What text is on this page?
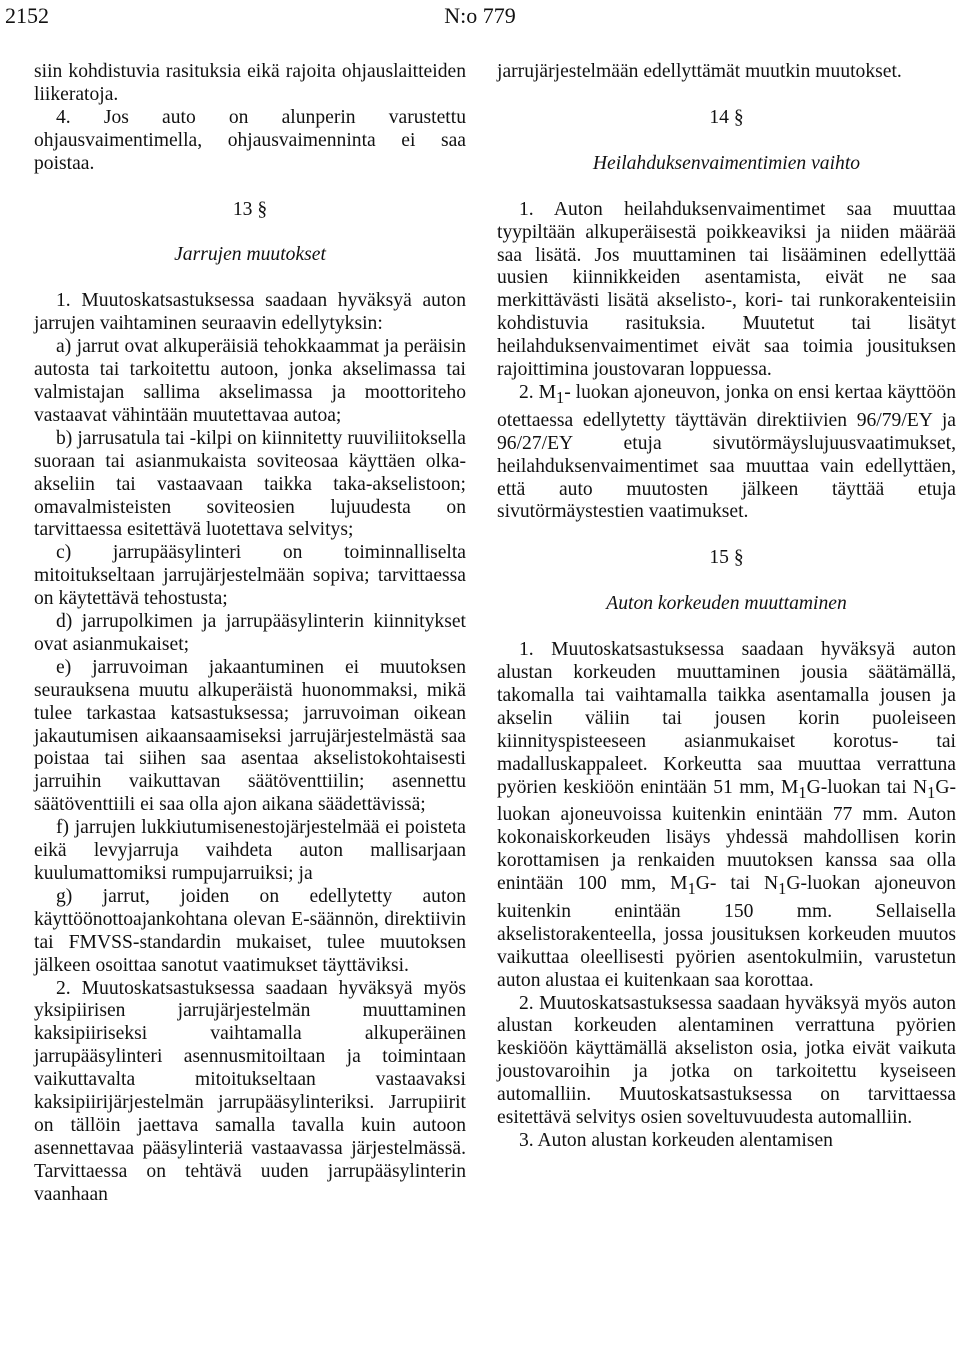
2152	N:o 779

siin kohdistuvia rasituksia eikä rajoita ohjauslaitteiden liikeratoja.

4. Jos auto on alunperin varustettu ohjausvaimentimella, ohjausvaimenninta ei saa poistaa.

13 §

Jarrujen muutokset

1. Muutoskatsastuksessa saadaan hyväksyä auton jarrujen vaihtaminen seuraavin edellytyksin:

a) jarrut ovat alkuperäisiä tehokkaammat ja peräisin autosta tai tarkoitettu autoon, jonka akselimassa tai valmistajan sallima akselimassa ja moottoriteho vastaavat vähintään muutettavaa autoa;

b) jarrusatula tai -kilpi on kiinnitetty ruuviliitoksella suoraan tai asianmukaista soviteosaa käyttäen olka-akseliin tai vastaavaan taikka taka-akselistoon; omavalmisteisten soviteosien lujuudesta on tarvittaessa esitettävä luotettava selvitys;

c) jarrupääsylinteri on toiminnalliselta mitoitukseltaan jarrujärjestelmään sopiva; tarvittaessa on käytettävä tehostusta;

d) jarrupolkimen ja jarrupääsylinterin kiinnitykset ovat asianmukaiset;

e) jarruvoiman jakaantuminen ei muutoksen seurauksena muutu alkuperäistä huonommaksi, mikä tulee tarkastaa katsastuksessa; jarruvoiman oikean jakautumisen aikaansaamiseksi jarrujärjestelmästä saa poistaa tai siihen saa asentaa akselistokohtaisesti jarruihin vaikuttavan säätöventtiilin; asennettu säätöventtiili ei saa olla ajon aikana säädettävissä;

f) jarrujen lukkiutumisenestojärjestelmää ei poisteta eikä levyjarruja vaihdeta auton mallisarjaan kuulumattomiksi rumpujarruiksi; ja

g) jarrut, joiden on edellytetty auton käyttöönottoajankohtana olevan E-säännön, direktiivin tai FMVSS-standardin mukaiset, tulee muutoksen jälkeen osoittaa sanotut vaatimukset täyttäviksi.

2. Muutoskatsastuksessa saadaan hyväksyä myös yksipiirisen jarrujärjestelmän muuttaminen kaksipiiriseksi vaihtamalla alkuperäinen jarrupääsylinteri asennusmitoiltaan ja toimintaan vaikuttavalta mitoitukseltaan vastaavaksi kaksipiirijärjestelmän jarrupääsylinteriksi. Jarrupiirit on tällöin jaettava samalla tavalla kuin autoon asennettavaa pääsylinteriä vastaavassa järjestelmässä. Tarvittaessa on tehtävä uuden jarrupääsylinterin vaanhaan

jarrujärjestelmään edellyttämät muutkin muutokset.

14 §

Heilahduksenvaimentimien vaihto

1. Auton heilahduksenvaimentimet saa muuttaa tyypiltään alkuperäisestä poikkeaviksi ja niiden määrää saa lisätä. Jos muuttaminen tai lisääminen edellyttää uusien kiinnikkeiden asentamista, eivät ne saa merkittävästi lisätä akselisto-, kori- tai runkorakenteisiin kohdistuvia rasituksia. Muutetut tai lisätyt heilahduksenvaimentimet eivät saa toimia jousituksen rajoittimina joustovaran loppuessa.

2. $M_1-$ luokan ajoneuvon, jonka on ensi kertaa käyttöön otettaessa edellytetty täyttävän direktiivien 96/79/EY ja 96/27/EY etuja sivutörmäyslujuusvaatimukset, heilahduksenvaimentimet saa muuttaa vain edellyttäen, että auto muutosten jälkeen täyttää etuja sivutörmäystestien vaatimukset.

15 §

Auton korkeuden muuttaminen

1. Muutoskatsastuksessa saadaan hyväksyä auton alustan korkeuden muuttaminen jousia säätämällä, takomalla tai vaihtamalla taikka asentamalla jousen ja akselin väliin tai jousen korin puoleiseen kiinnityspisteeseen asianmukaiset korotus- tai madalluskappaleet. Korkeutta saa muuttaa verrattuna pyörien keskiöön enintään 51 mm, $M_1G$-luokan tai $N_1G$-luokan ajoneuvoissa kuitenkin enintään 77 mm. Auton kokonaiskorkeuden lisäys yhdessä mahdollisen korin korottamisen ja renkaiden muutoksen kanssa saa olla enintään 100 mm, $M_1G-$ tai $N_1G$-luokan ajoneuvon kuitenkin enintään 150 mm. Sellaisella akselistorakenteella, jossa jousituksen korkeuden muutos vaikuttaa oleellisesti pyörien asentokulmiin, varustetun auton alustaa ei kuitenkaan saa korottaa.

2. Muutoskatsastuksessa saadaan hyväksyä myös auton alustan korkeuden alentaminen verrattuna pyörien keskiöön käyttämällä akseliston osia, jotka eivät vaikuta joustovaroihin ja jotka on tarkoitettu kyseiseen automalliin. Muutoskatsastuksessa on tarvittaessa esitettävä selvitys osien soveltuvuudesta automalliin.

3. Auton alustan korkeuden alentamisen
